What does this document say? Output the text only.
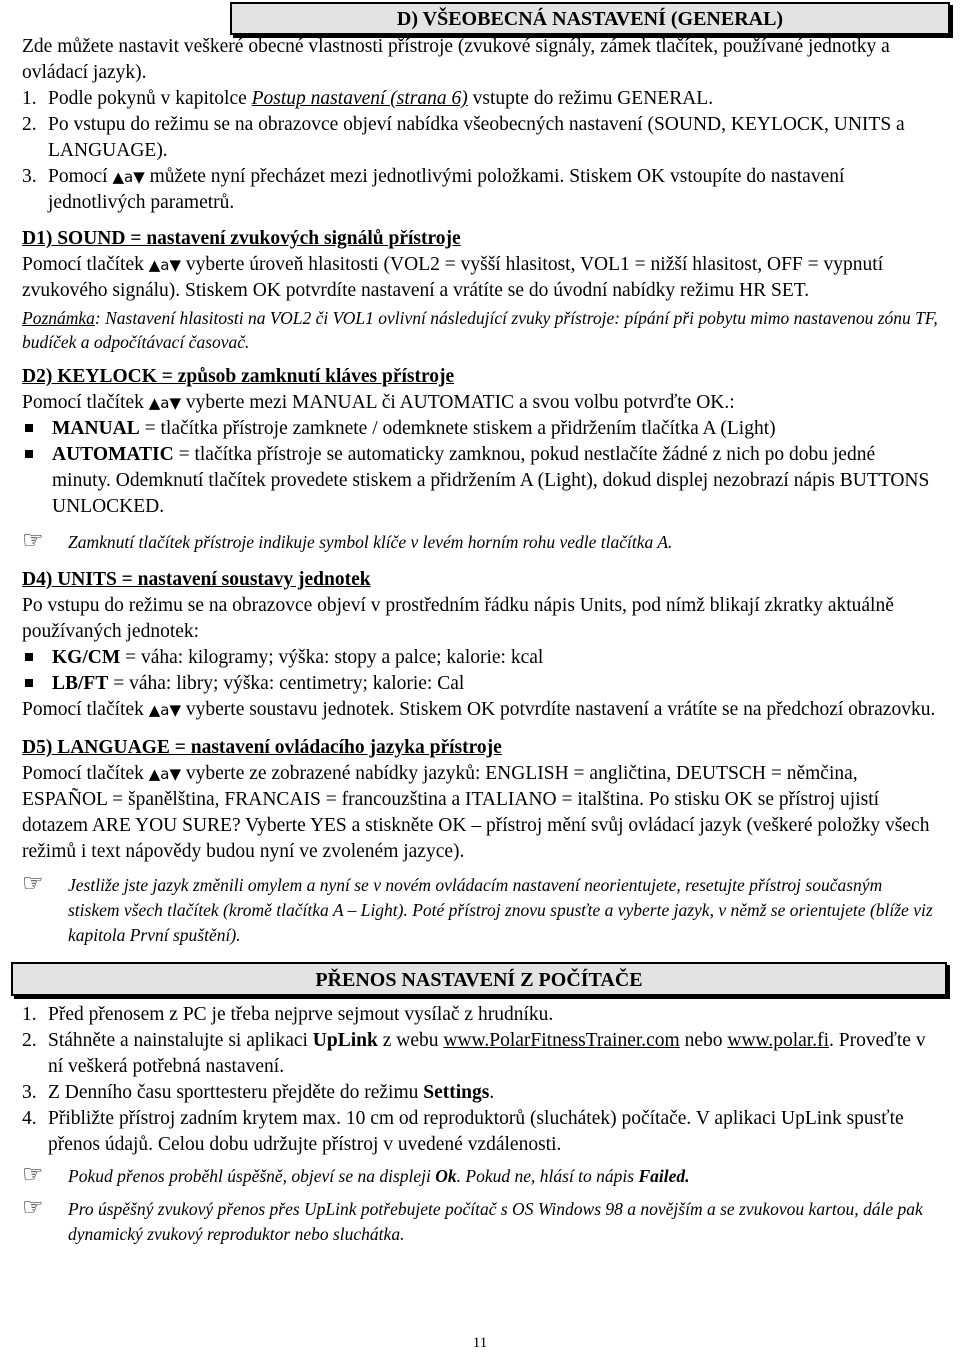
D) VŠEOBECNÁ NASTAVENÍ (GENERAL)

Zde můžete nastavit veškeré obecné vlastnosti přístroje (zvukové signály, zámek tlačítek, používané jednotky a ovládací jazyk).

1. Podle pokynů v kapitolce Postup nastavení (strana 6) vstupte do režimu GENERAL.
2. Po vstupu do režimu se na obrazovce objeví nabídka všeobecných nastavení (SOUND, KEYLOCK, UNITS a LANGUAGE).
3. Pomocí ▲a▼ můžete nyní přecházet mezi jednotlivými položkami. Stiskem OK vstoupíte do nastavení jednotlivých parametrů.

D1) SOUND = nastavení zvukových signálů přístroje

Pomocí tlačítek ▲a▼ vyberte úroveň hlasitosti (VOL2 = vyšší hlasitost, VOL1 = nižší hlasitost, OFF = vypnutí zvukového signálu). Stiskem OK potvrdíte nastavení a vrátíte se do úvodní nabídky režimu HR SET.

Poznámka: Nastavení hlasitosti na VOL2 či VOL1 ovlivní následující zvuky přístroje: pípání při pobytu mimo nastavenou zónu TF, budíček a odpočítávací časovač.

D2) KEYLOCK = způsob zamknutí kláves přístroje

Pomocí tlačítek ▲a▼ vyberte mezi MANUAL či AUTOMATIC a svou volbu potvrďte OK.:

MANUAL = tlačítka přístroje zamknete / odemknete stiskem a přidržením tlačítka A (Light)
AUTOMATIC = tlačítka přístroje se automaticky zamknou, pokud nestlačíte žádné z nich po dobu jedné minuty. Odemknutí tlačítek provedete stiskem a přidržením A (Light), dokud displej nezobrazí nápis BUTTONS UNLOCKED.
☞	Zamknutí tlačítek přístroje indikuje symbol klíče v levém horním rohu vedle tlačítka A.

D4) UNITS = nastavení soustavy jednotek

Po vstupu do režimu se na obrazovce objeví v prostředním řádku nápis Units, pod nímž blikají zkratky aktuálně používaných jednotek:

KG/CM = váha: kilogramy; výška: stopy a palce; kalorie: kcal
LB/FT = váha: libry; výška: centimetry; kalorie: Cal

Pomocí tlačítek ▲a▼ vyberte soustavu jednotek. Stiskem OK potvrdíte nastavení a vrátíte se na předchozí obrazovku.

D5) LANGUAGE = nastavení ovládacího jazyka přístroje

Pomocí tlačítek ▲a▼ vyberte ze zobrazené nabídky jazyků: ENGLISH = angličtina, DEUTSCH = němčina, ESPAÑOL = španělština, FRANCAIS = francouzština a ITALIANO = italština. Po stisku OK se přístroj ujistí dotazem ARE YOU SURE? Vyberte YES a stiskněte OK – přístroj mění svůj ovládací jazyk (veškeré položky všech režimů i text nápovědy budou nyní ve zvoleném jazyce).

☞	Jestliže jste jazyk změnili omylem a nyní se v novém ovládacím nastavení neorientujete, resetujte přístroj současným stiskem všech tlačítek (kromě tlačítka A – Light). Poté přístroj znovu spusťte a vyberte jazyk, v němž se orientujete (blíže viz kapitola První spuštění).
PŘENOS NASTAVENÍ Z POČÍTAČE
1. Před přenosem z PC je třeba nejprve sejmout vysílač z hrudníku.
2. Stáhněte a nainstalujte si aplikaci UpLink z webu www.PolarFitnessTrainer.com nebo www.polar.fi. Proveďte v ní veškerá potřebná nastavení.
3. Z Denního času sporttesteru přejděte do režimu Settings.
4. Přibližte přístroj zadním krytem max. 10 cm od reproduktorů (sluchátek) počítače. V aplikaci UpLink spusťte přenos údajů. Celou dobu udržujte přístroj v uvedené vzdálenosti.
☞	Pokud přenos proběhl úspěšně, objeví se na displeji Ok. Pokud ne, hlásí to nápis Failed.
☞	Pro úspěšný zvukový přenos přes UpLink potřebujete počítač s OS Windows 98 a novějším a se zvukovou kartou, dále pak dynamický zvukový reproduktor nebo sluchátka.
11
